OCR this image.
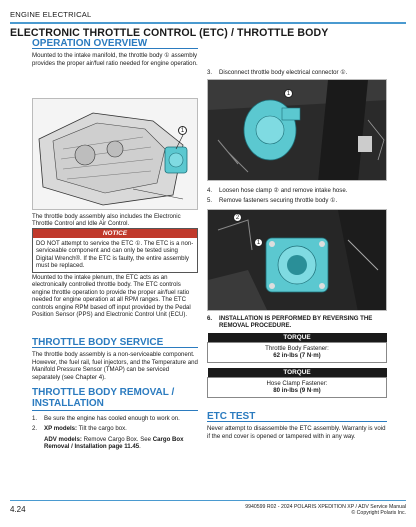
ENGINE ELECTRICAL
ELECTRONIC THROTTLE CONTROL (ETC) / THROTTLE BODY
OPERATION OVERVIEW

Mounted to the intake manifold, the throttle body ① assembly provides the proper air/fuel ratio needed for engine operation.

1

The throttle body assembly also includes the Electronic Throttle Control and Idle Air Control.

NOTICE
DO NOT attempt to service the ETC ①. The ETC is a non-serviceable component and can only be tested using Digital Wrench®. If the ETC is faulty, the entire assembly must be replaced.

Mounted to the intake plenum, the ETC acts as an electronically controlled throttle body. The ETC controls engine throttle operation to provide the proper air/fuel ratio needed for engine operation at all RPM ranges. The ETC controls engine RPM based off input provided by the Pedal Position Sensor (PPS) and Electronic Control Unit (ECU).

THROTTLE BODY SERVICE

The throttle body assembly is a non-serviceable component. However, the fuel rail, fuel injectors, and the Temperature and Manifold Pressure Sensor (TMAP) can be serviced separately (see Chapter 4).

THROTTLE BODY REMOVAL /
INSTALLATION
1.	Be sure the engine has cooled enough to work on.
2.	XP models: Tilt the cargo box.
ADV models: Remove Cargo Box. See Cargo Box Removal / Installation page 11.45.
3.	Disconnect throttle body electrical connector ①.
1
4.	Loosen hose clamp ② and remove intake hose.
5.	Remove fasteners securing throttle body ①.
2
1
6.	INSTALLATION IS PERFORMED BY REVERSING THE REMOVAL PROCEDURE.
TORQUE
Throttle Body Fastener:
62 in-lbs (7 N·m)
TORQUE
Hose Clamp Fastener:
80 in-lbs (9 N·m)
ETC TEST

Never attempt to disassemble the ETC assembly. Warranty is void if the end cover is opened or tampered with in any way.

4.24	9940599 R02 - 2024 POLARIS XPEDITION XP / ADV Service Manual
© Copyright Polaris Inc.
